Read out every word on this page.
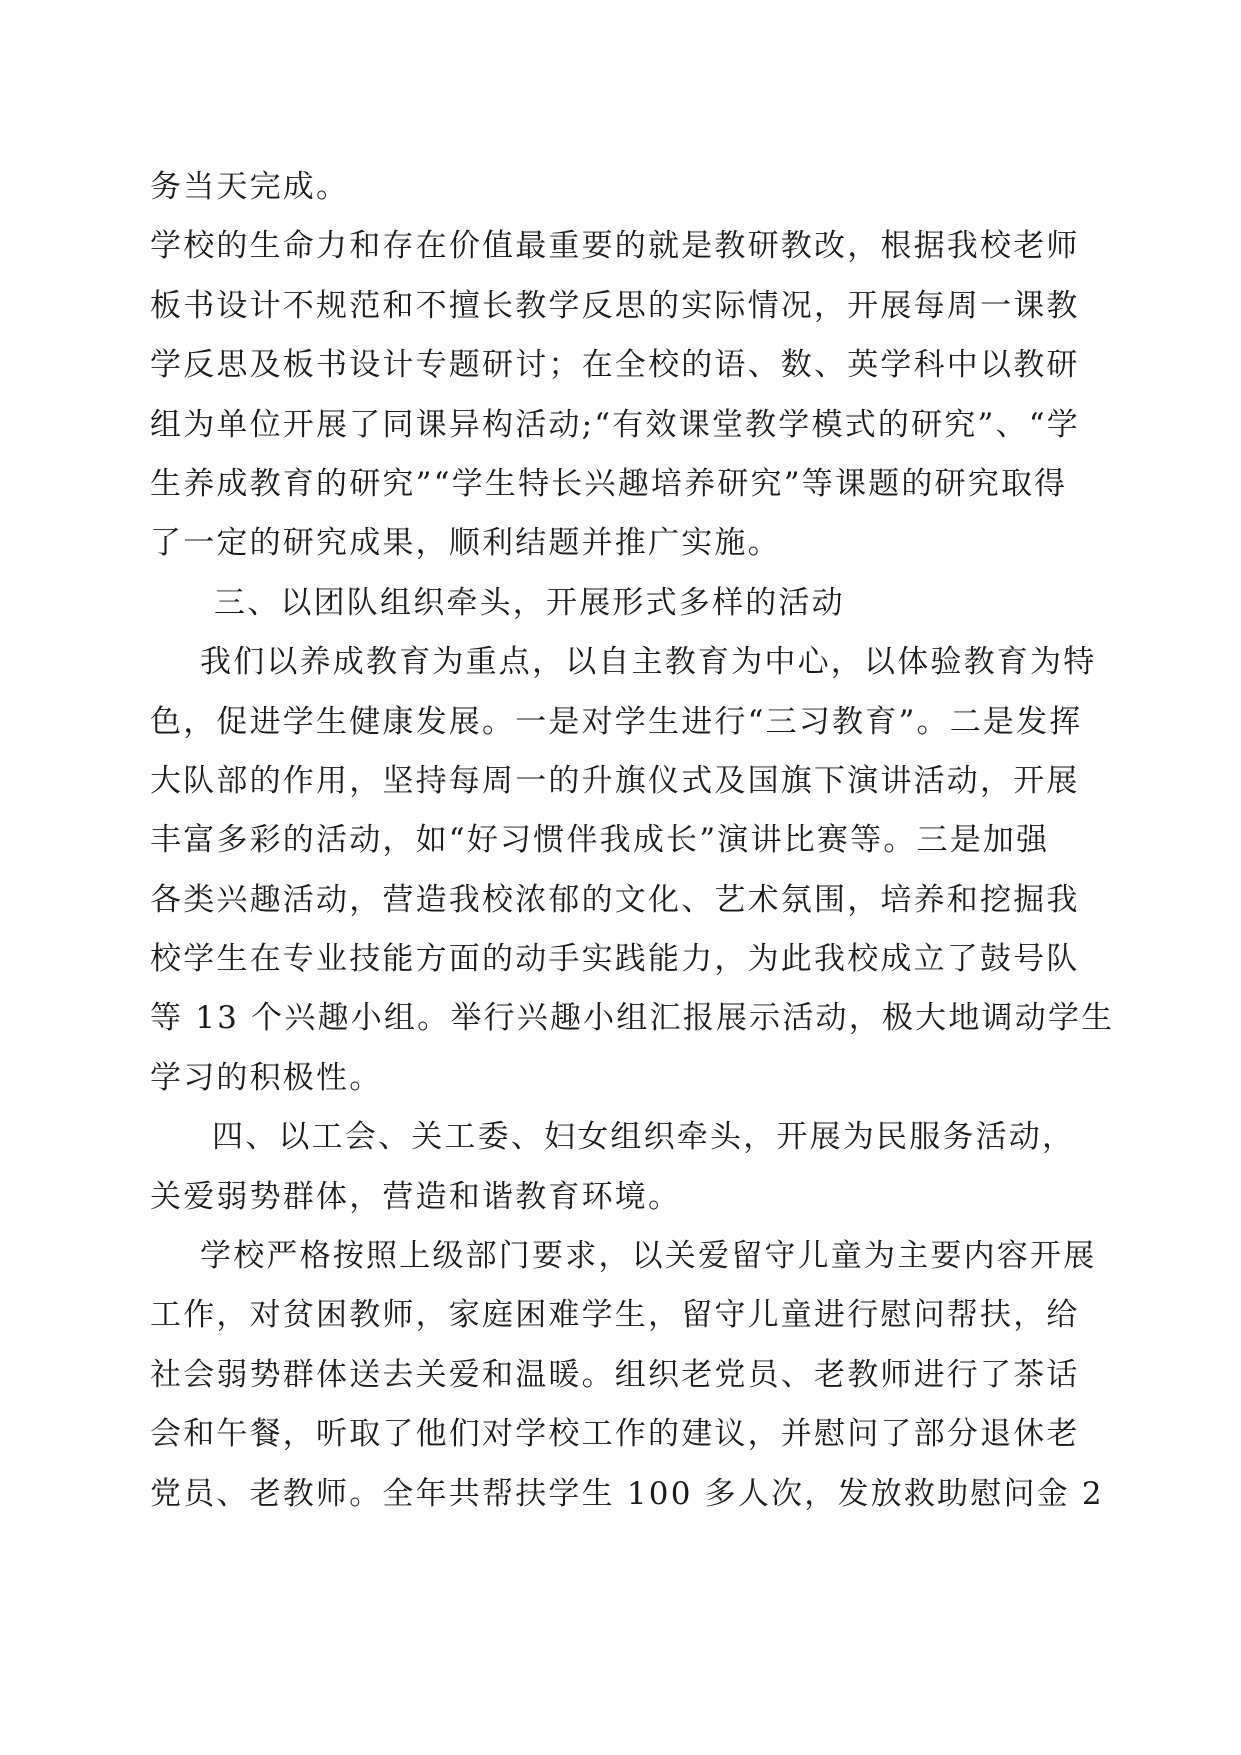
务当天完成。
学校的生命力和存在价值最重要的就是教研教改，根据我校老师
板书设计不规范和不擅长教学反思的实际情况，开展每周一课教
学反思及板书设计专题研讨；在全校的语、数、英学科中以教研
组为单位开展了同课异构活动;“有效课堂教学模式的研究”、“学
生养成教育的研究”“学生特长兴趣培养研究”等课题的研究取得
了一定的研究成果，顺利结题并推广实施。
三、以团队组织牵头，开展形式多样的活动
我们以养成教育为重点，以自主教育为中心，以体验教育为特
色，促进学生健康发展。一是对学生进行“三习教育”。二是发挥
大队部的作用，坚持每周一的升旗仪式及国旗下演讲活动，开展
丰富多彩的活动，如“好习惯伴我成长”演讲比赛等。三是加强
各类兴趣活动，营造我校浓郁的文化、艺术氛围，培养和挖掘我
校学生在专业技能方面的动手实践能力，为此我校成立了鼓号队
等 13 个兴趣小组。举行兴趣小组汇报展示活动，极大地调动学生
学习的积极性。
四、以工会、关工委、妇女组织牵头，开展为民服务活动，
关爱弱势群体，营造和谐教育环境。
学校严格按照上级部门要求，以关爱留守儿童为主要内容开展
工作，对贫困教师，家庭困难学生，留守儿童进行慰问帮扶，给
社会弱势群体送去关爱和温暖。组织老党员、老教师进行了茶话
会和午餐，听取了他们对学校工作的建议，并慰问了部分退休老
党员、老教师。全年共帮扶学生 100 多人次，发放救助慰问金 2
